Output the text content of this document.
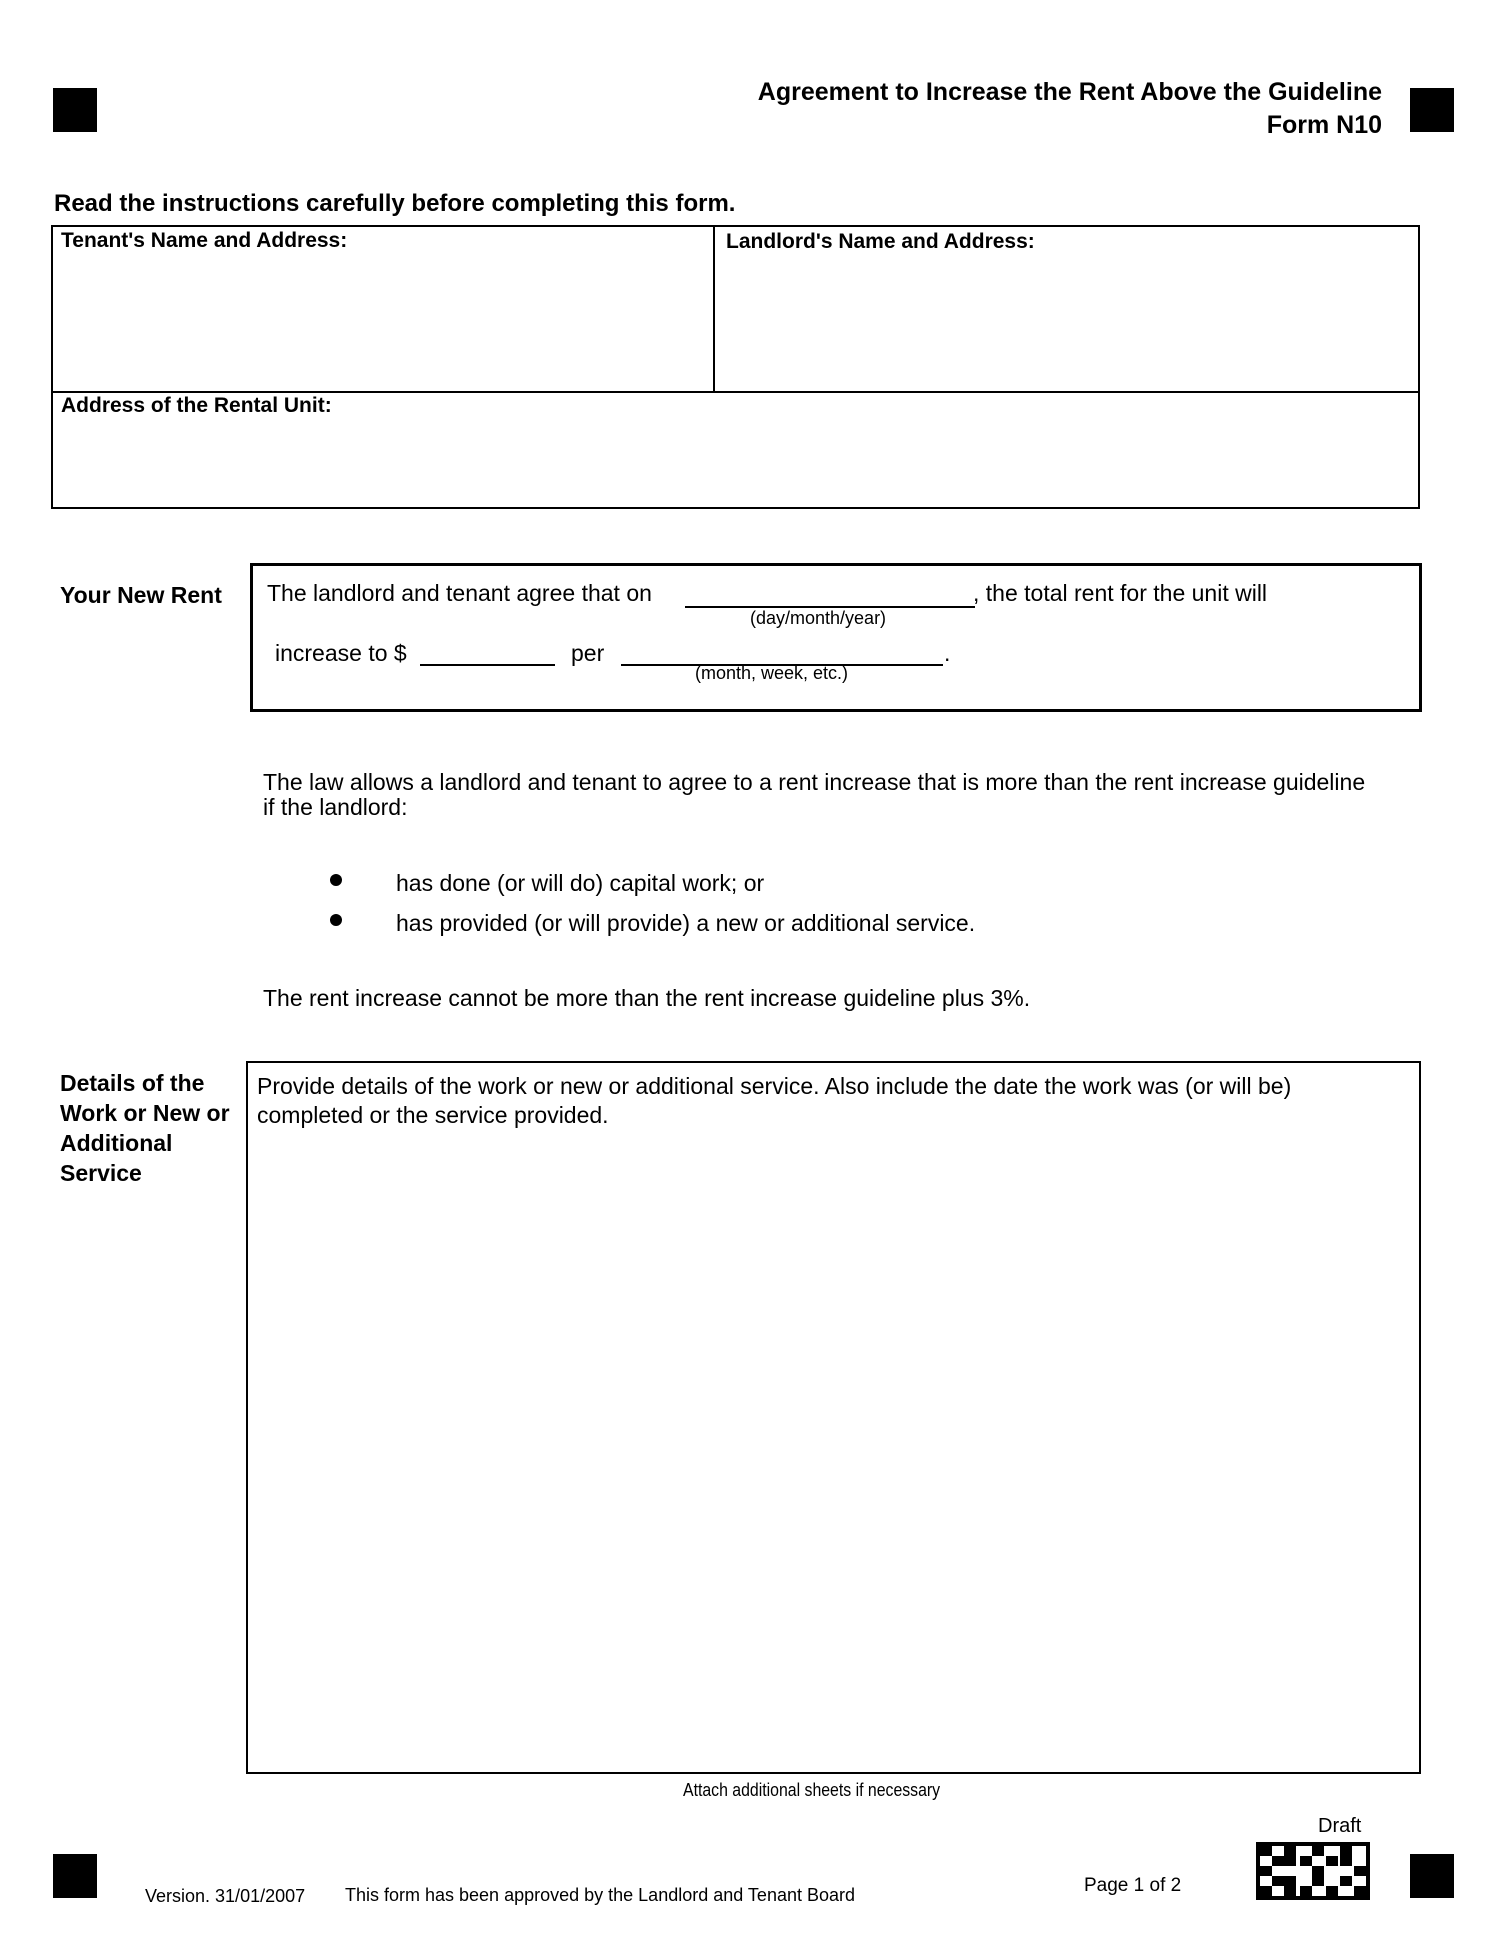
Agreement to Increase the Rent Above the Guideline
Form N10
Read the instructions carefully before completing this form.
Tenant's Name and Address:	Landlord's Name and Address:
Address of the Rental Unit:
Your New Rent The landlord and tenant agree that on	, the total rent for the unit will
(day/month/year)
increase to $	per	.
(month, week, etc.)
The law allows a landlord and tenant to agree to a rent increase that is more than the rent increase guideline if the landlord:
has done (or will do) capital work; or
has provided (or will provide) a new or additional service.
The rent increase cannot be more than the rent increase guideline plus 3%.
Details of the Work or New or Additional Service
Provide details of the work or new or additional service. Also include the date the work was (or will be) completed or the service provided.
Attach additional sheets if necessary
Version. 31/01/2007 This form has been approved by the Landlord and Tenant Board	Page 1 of 2
Draft
